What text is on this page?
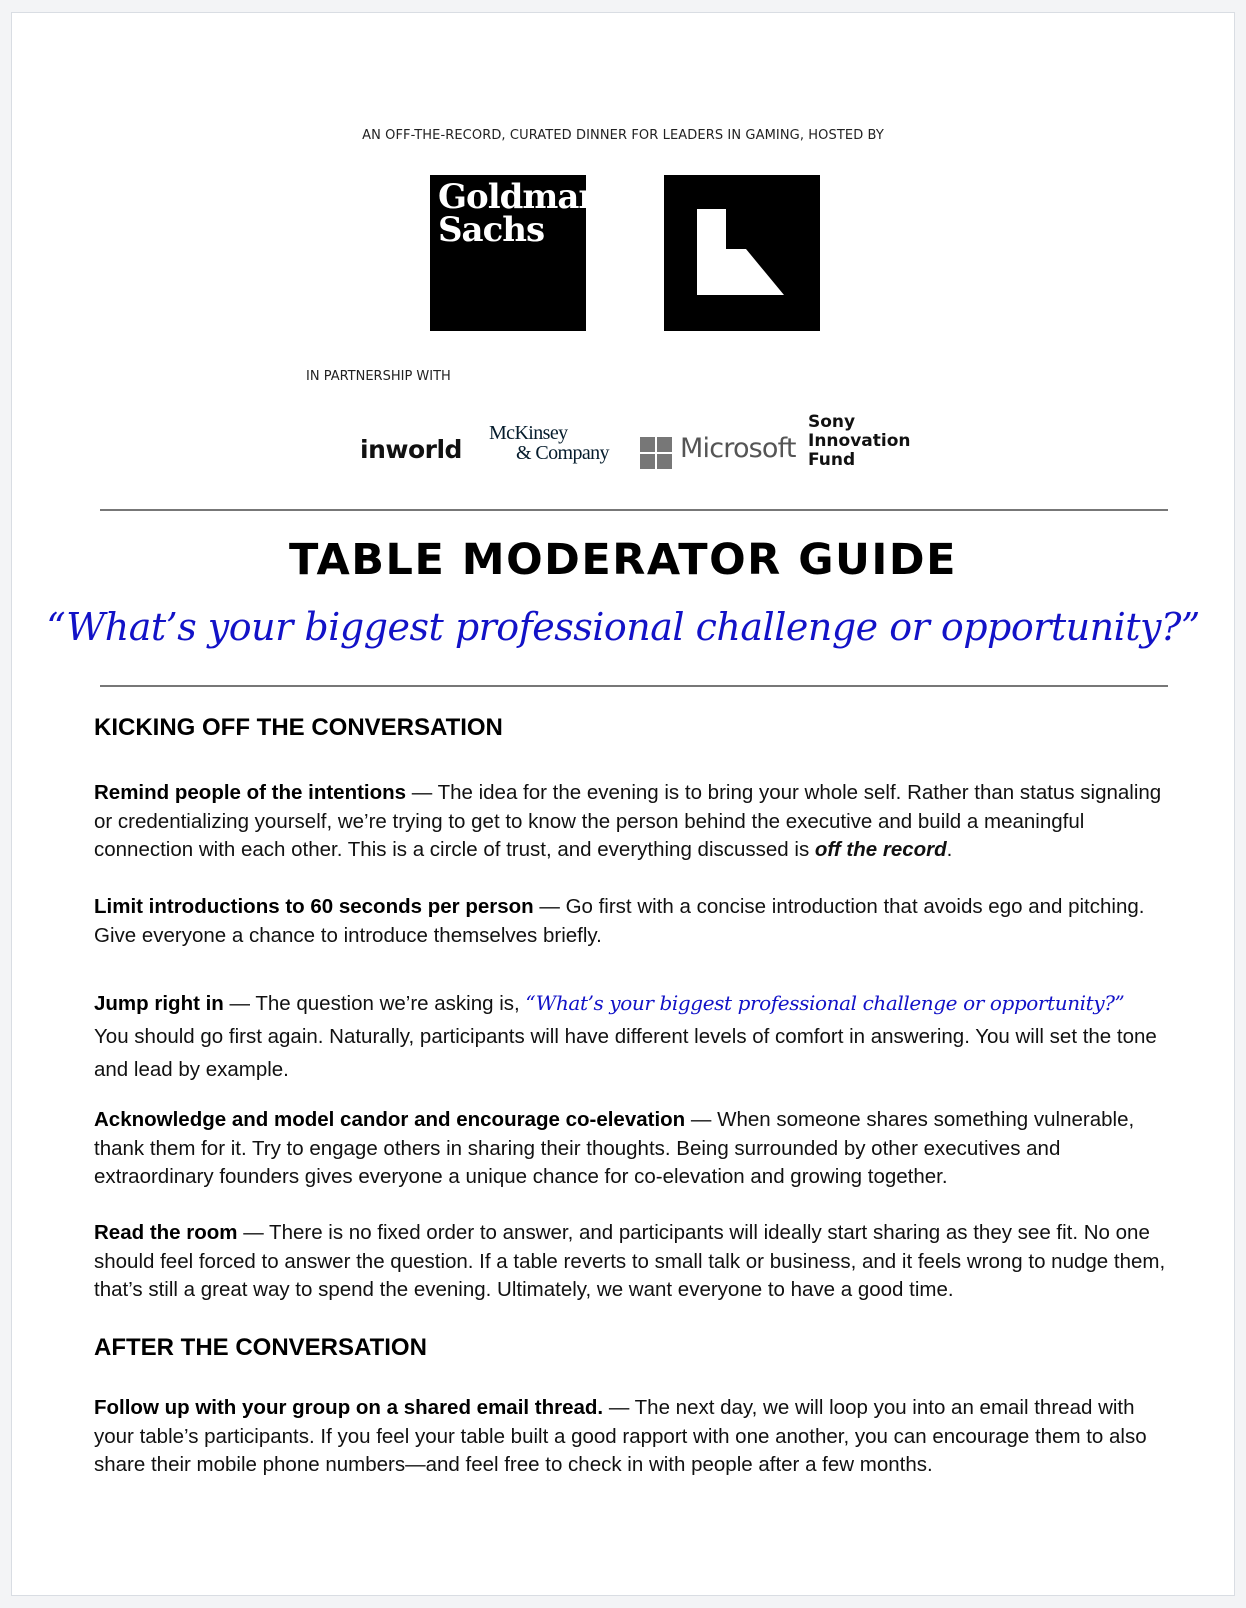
AN OFF-THE-RECORD, CURATED DINNER FOR LEADERS IN GAMING, HOSTED BY
Goldman
Sachs
IN PARTNERSHIP WITH
inworld
McKinsey
& Company	Microsoft
Sony
Innovation
Fund
TABLE MODERATOR GUIDE
“What’s your biggest professional challenge or opportunity?”
KICKING OFF THE CONVERSATION

Remind people of the intentions — The idea for the evening is to bring your whole self. Rather than status signaling or credentializing yourself, we’re trying to get to know the person behind the executive and build a meaningful connection with each other. This is a circle of trust, and everything discussed is off the record.

Limit introductions to 60 seconds per person — Go first with a concise introduction that avoids ego and pitching. Give everyone a chance to introduce themselves briefly.

Jump right in — The question we’re asking is, “What’s your biggest professional challenge or opportunity?”
You should go first again. Naturally, participants will have different levels of comfort in answering. You will set the tone and lead by example.

Acknowledge and model candor and encourage co-elevation — When someone shares something vulnerable, thank them for it. Try to engage others in sharing their thoughts. Being surrounded by other executives and extraordinary founders gives everyone a unique chance for co-elevation and growing together.

Read the room — There is no fixed order to answer, and participants will ideally start sharing as they see fit. No one should feel forced to answer the question. If a table reverts to small talk or business, and it feels wrong to nudge them, that’s still a great way to spend the evening. Ultimately, we want everyone to have a good time.

AFTER THE CONVERSATION

Follow up with your group on a shared email thread. — The next day, we will loop you into an email thread with your table’s participants. If you feel your table built a good rapport with one another, you can encourage them to also share their mobile phone numbers—and feel free to check in with people after a few months.
